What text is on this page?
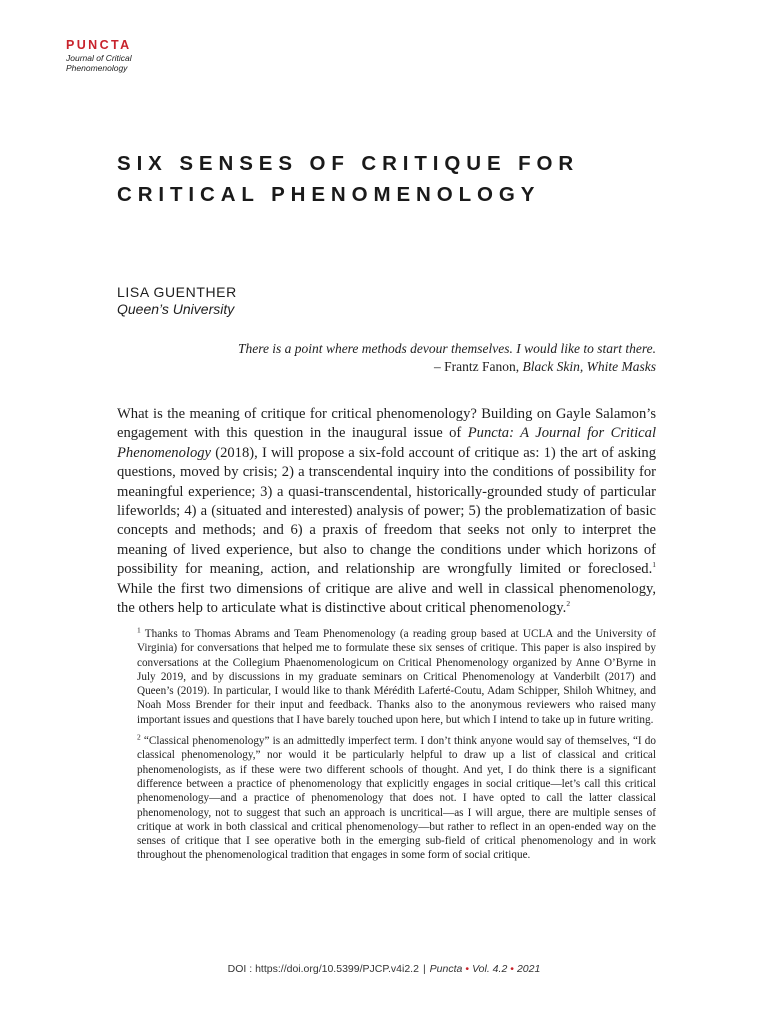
PUNCTA
Journal of Critical
Phenomenology
SIX SENSES OF CRITIQUE FOR
CRITICAL PHENOMENOLOGY
LISA GUENTHER
Queen’s University
There is a point where methods devour themselves. I would like to start there.
– Frantz Fanon, Black Skin, White Masks

What is the meaning of critique for critical phenomenology? Building on Gayle Salamon’s engagement with this question in the inaugural issue of Puncta: A Journal for Critical Phenomenology (2018), I will propose a six-fold account of critique as: 1) the art of asking questions, moved by crisis; 2) a transcendental inquiry into the conditions of possibility for meaningful experience; 3) a quasi-transcendental, historically-grounded study of particular lifeworlds; 4) a (situated and interested) analysis of power; 5) the problematization of basic concepts and methods; and 6) a praxis of freedom that seeks not only to interpret the meaning of lived experience, but also to change the conditions under which horizons of possibility for meaning, action, and relationship are wrongfully limited or foreclosed.$^1$ While the first two dimensions of critique are alive and well in classical phenomenology, the others help to articulate what is distinctive about critical phenomenology.$^2$

$^1$ Thanks to Thomas Abrams and Team Phenomenology (a reading group based at UCLA and the University of Virginia) for conversations that helped me to formulate these six senses of critique. This paper is also inspired by conversations at the Collegium Phaenomenologicum on Critical Phenomenology organized by Anne O’Byrne in July 2019, and by discussions in my graduate seminars on Critical Phenomenology at Vanderbilt (2017) and Queen’s (2019). In particular, I would like to thank Mérédith Laferté-Coutu, Adam Schipper, Shiloh Whitney, and Noah Moss Brender for their input and feedback. Thanks also to the anonymous reviewers who raised many important issues and questions that I have barely touched upon here, but which I intend to take up in future writing.

$^2$ “Classical phenomenology” is an admittedly imperfect term. I don’t think anyone would say of themselves, “I do classical phenomenology,” nor would it be particularly helpful to draw up a list of classical and critical phenomenologists, as if these were two different schools of thought. And yet, I do think there is a significant difference between a practice of phenomenology that explicitly engages in social critique—let’s call this critical phenomenology—and a practice of phenomenology that does not. I have opted to call the latter classical phenomenology, not to suggest that such an approach is uncritical—as I will argue, there are multiple senses of critique at work in both classical and critical phenomenology—but rather to reflect in an open-ended way on the senses of critique that I see operative both in the emerging sub-field of critical phenomenology and in work throughout the phenomenological tradition that engages in some form of social critique.

DOI : https://doi.org/10.5399/PJCP.v4i2.2 | Puncta • Vol. 4.2 • 2021
